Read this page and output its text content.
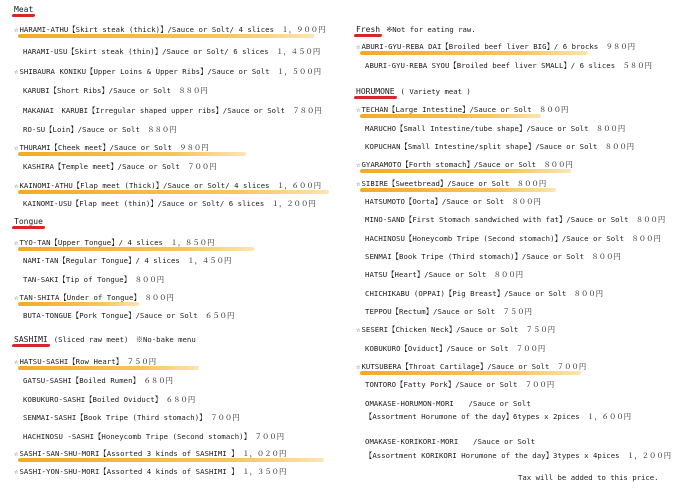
Meat
Tongue
SASHIMI (Sliced raw meet)　※No-bake menu
☆HARAMI-ATHU【Skirt steak (thick)】/Sauce or Solt/ 4 slices　１，９００円
HARAMI-USU【Skirt steak (thin)】/Sauce or Solt/ 6 slices　１，４５０円
☆SHIBAURA KONIKU【Upper Loins & Upper Ribs】/Sauce or Solt　１，５００円
KARUBI【Short Ribs】/Sauce or Solt　８８０円
MAKANAI　KARUBI【Irregular shaped upper ribs】/Sauce or Solt　７８０円
RO-SU【Loin】/Sauce or Solt　８８０円
☆THURAMI【Cheek meet】/Sauce or Solt　９８０円
KASHIRA【Temple meet】/Sauce or Solt　７００円
☆KAINOMI-ATHU【Flap meet (Thick)】/Sauce or Solt/ 4 slices　１，６００円
KAINOMI-USU【Flap meet (thin)】/Sauce or Solt/ 6 slices　１，２００円
☆TYO-TAN【Upper Tongue】/ 4 slices　１，８５０円
NAMI-TAN【Regular Tongue】/ 4 slices　１，４５０円
TAN-SAKI【Tip of Tongue】　８００円
☆TAN-SHITA【Under of Tongue】　８００円
BUTA-TONGUE【Pork Tongue】/Sauce or Solt　６５０円
☆HATSU-SASHI【Row Heart】　７５０円
GATSU-SASHI【Boiled Rumen】　６８０円
KOBUKURO-SASHI【Boiled Oviduct】　６８０円
SENMAI-SASHI【Book Tripe (Third stomach)】　７００円
HACHINOSU -SASHI【Honeycomb Tripe (Second stomach)】　７００円
☆SASHI-SAN-SHU-MORI【Assorted 3 kinds of SASHIMI 】　１，０２０円
☆SASHI-YON-SHU-MORI【Assorted 4 kinds of SASHIMI 】　１，３５０円
Fresh ※Not for eating raw.
HORUMONE ( Variety meat )
☆ABURI-GYU-REBA DAI【Broiled beef liver BIG】/ 6 brocks　９８０円
ABURI-GYU-REBA SYOU【Broiled beef liver SMALL】/ 6 slices　５８０円
☆TECHAN【Large Intestine】/Sauce or Solt　８００円
MARUCHO【Small Intestine/tube shape】/Sauce or Solt　８００円
KOPUCHAN【Small Intestine/split shape】/Sauce or Solt　８００円
☆GYARAMOTO【Forth stomach】/Sauce or Solt　８００円
☆SIBIRE【Sweetbread】/Sauce or Solt　８００円
HATSUMOTO【Oorta】/Sauce or Solt　８００円
MINO-SAND【First Stomach sandwiched with fat】/Sauce or Solt　８００円
HACHINOSU【Honeycomb Tripe (Second stomach)】/Sauce or Solt　８００円
SENMAI【Book Tripe (Third stomach)】/Sauce or Solt　８００円
HATSU【Heart】/Sauce or Solt　８００円
CHICHIKABU (OPPAI)【Pig Breast】/Sauce or Solt　８００円
TEPPOU【Rectum】/Sauce or Solt　７５０円
☆SESERI【Chicken Neck】/Sauce or Solt　７５０円
KOBUKURO【Oviduct】/Sauce or Solt　７００円
☆KUTSUBERA【Throat Cartilage】/Sauce or Solt　７００円
TONTORO【Fatty Pork】/Sauce or Solt　７００円
OMAKASE-HORUMON-MORI　　/Sauce or Solt
【Assortment Horumone of the day】6types x 2pices　１，６００円
OMAKASE-KORIKORI-MORI　　/Sauce or Solt
【Assortment KORIKORI Horumone of the day】3types x 4pices　１，２００円
Tax will be added to this price.
